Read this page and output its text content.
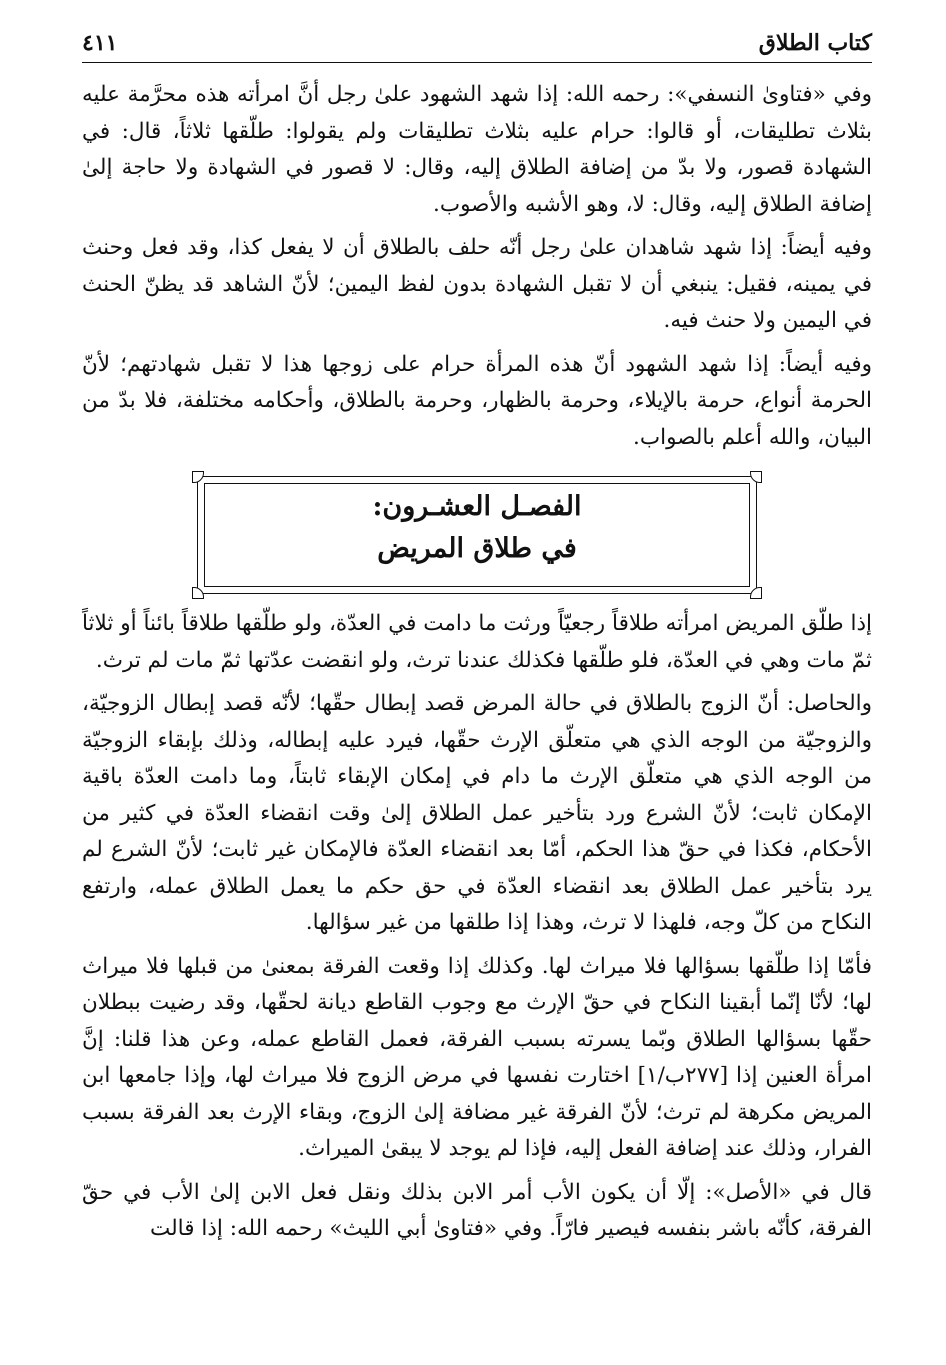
كتاب الطلاق
٤١١

وفي «فتاوىٰ النسفي»: رحمه الله: إذا شهد الشهود علىٰ رجل أنَّ امرأته هذه محرَّمة عليه بثلاث تطليقات، أو قالوا: حرام عليه بثلاث تطليقات ولم يقولوا: طلّقها ثلاثاً، قال: في الشهادة قصور، ولا بدّ من إضافة الطلاق إليه، وقال: لا قصور في الشهادة ولا حاجة إلىٰ إضافة الطلاق إليه، وقال: لا، وهو الأشبه والأصوب.

وفيه أيضاً: إذا شهد شاهدان علىٰ رجل أنّه حلف بالطلاق أن لا يفعل كذا، وقد فعل وحنث في يمينه، فقيل: ينبغي أن لا تقبل الشهادة بدون لفظ اليمين؛ لأنّ الشاهد قد يظنّ الحنث في اليمين ولا حنث فيه.

وفيه أيضاً: إذا شهد الشهود أنّ هذه المرأة حرام على زوجها هذا لا تقبل شهادتهم؛ لأنّ الحرمة أنواع، حرمة بالإيلاء، وحرمة بالظهار، وحرمة بالطلاق، وأحكامه مختلفة، فلا بدّ من البيان، والله أعلم بالصواب.

الفصـل العشـرون:
في طلاق المريض

إذا طلّق المريض امرأته طلاقاً رجعيّاً ورثت ما دامت في العدّة، ولو طلّقها طلاقاً بائناً أو ثلاثاً ثمّ مات وهي في العدّة، فلو طلّقها فكذلك عندنا ترث، ولو انقضت عدّتها ثمّ مات لم ترث.

والحاصل: أنّ الزوج بالطلاق في حالة المرض قصد إبطال حقّها؛ لأنّه قصد إبطال الزوجيّة، والزوجيّة من الوجه الذي هي متعلّق الإرث حقّها، فيرد عليه إبطاله، وذلك بإبقاء الزوجيّة من الوجه الذي هي متعلّق الإرث ما دام في إمكان الإبقاء ثابتاً، وما دامت العدّة باقية الإمكان ثابت؛ لأنّ الشرع ورد بتأخير عمل الطلاق إلىٰ وقت انقضاء العدّة في كثير من الأحكام، فكذا في حقّ هذا الحكم، أمّا بعد انقضاء العدّة فالإمكان غير ثابت؛ لأنّ الشرع لم يرد بتأخير عمل الطلاق بعد انقضاء العدّة في حق حكم ما يعمل الطلاق عمله، وارتفع النكاح من كلّ وجه، فلهذا لا ترث، وهذا إذا طلقها من غير سؤالها.

فأمّا إذا طلّقها بسؤالها فلا ميراث لها. وكذلك إذا وقعت الفرقة بمعنىٰ من قبلها فلا ميراث لها؛ لأنّا إنّما أبقينا النكاح في حقّ الإرث مع وجوب القاطع ديانة لحقّها، وقد رضيت ببطلان حقّها بسؤالها الطلاق وبّما يسرته بسبب الفرقة، فعمل القاطع عمله، وعن هذا قلنا: إنَّ امرأة العنين إذا [٢٧٧ب/١] اختارت نفسها في مرض الزوج فلا ميراث لها، وإذا جامعها ابن المريض مكرهة لم ترث؛ لأنّ الفرقة غير مضافة إلىٰ الزوج، وبقاء الإرث بعد الفرقة بسبب الفرار، وذلك عند إضافة الفعل إليه، فإذا لم يوجد لا يبقىٰ الميراث.

قال في «الأصل»: إلّا أن يكون الأب أمر الابن بذلك ونقل فعل الابن إلىٰ الأب في حقّ الفرقة، كأنّه باشر بنفسه فيصير فارّاً. وفي «فتاوىٰ أبي الليث» رحمه الله: إذا قالت
